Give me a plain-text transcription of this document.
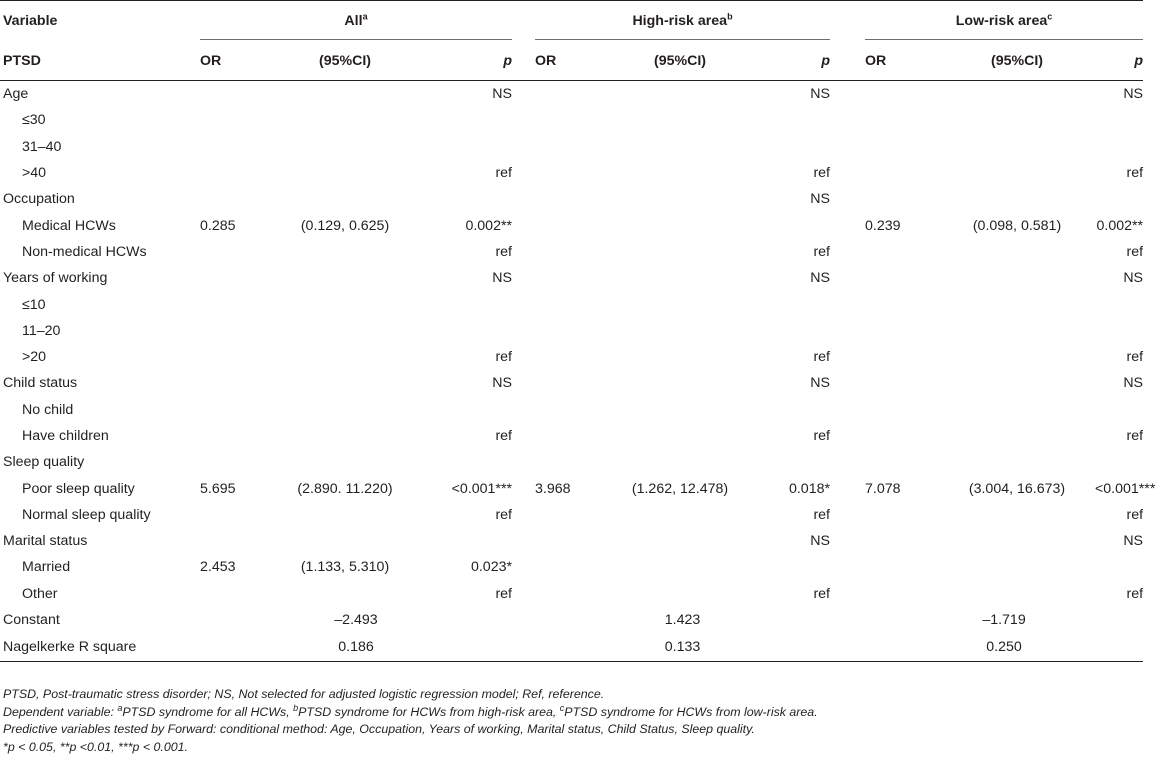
Variable	All$^a$				High-risk area$^b$				Low-risk area$^c$
PTSD	OR	(95%CI)	p		OR	(95%CI)	p		OR	(95%CI)	p
Age			NS				NS				NS
≤30											
31–40											
>40			ref				ref				ref
Occupation							NS				
Medical HCWs	0.285	(0.129, 0.625)	0.002**						0.239	(0.098, 0.581)	0.002**
Non-medical HCWs			ref				ref				ref
Years of working			NS				NS				NS
≤10											
11–20											
>20			ref				ref				ref
Child status			NS				NS				NS
No child											
Have children			ref				ref				ref
Sleep quality											
Poor sleep quality	5.695	(2.890. 11.220)	<0.001***		3.968	(1.262, 12.478)	0.018*		7.078	(3.004, 16.673)	<0.001***
Normal sleep quality			ref				ref				ref
Marital status							NS				NS
Married	2.453	(1.133, 5.310)	0.023*								
Other			ref				ref				ref
Constant	–2.493				1.423				–1.719		
Nagelkerke R square	0.186				0.133				0.250		
PTSD, Post-traumatic stress disorder; NS, Not selected for adjusted logistic regression model; Ref, reference.
Dependent variable: $^a$PTSD syndrome for all HCWs, $^b$PTSD syndrome for HCWs from high-risk area, $^c$PTSD syndrome for HCWs from low-risk area.
Predictive variables tested by Forward: conditional method: Age, Occupation, Years of working, Marital status, Child Status, Sleep quality.
*p < 0.05, **p <0.01, ***p < 0.001.
